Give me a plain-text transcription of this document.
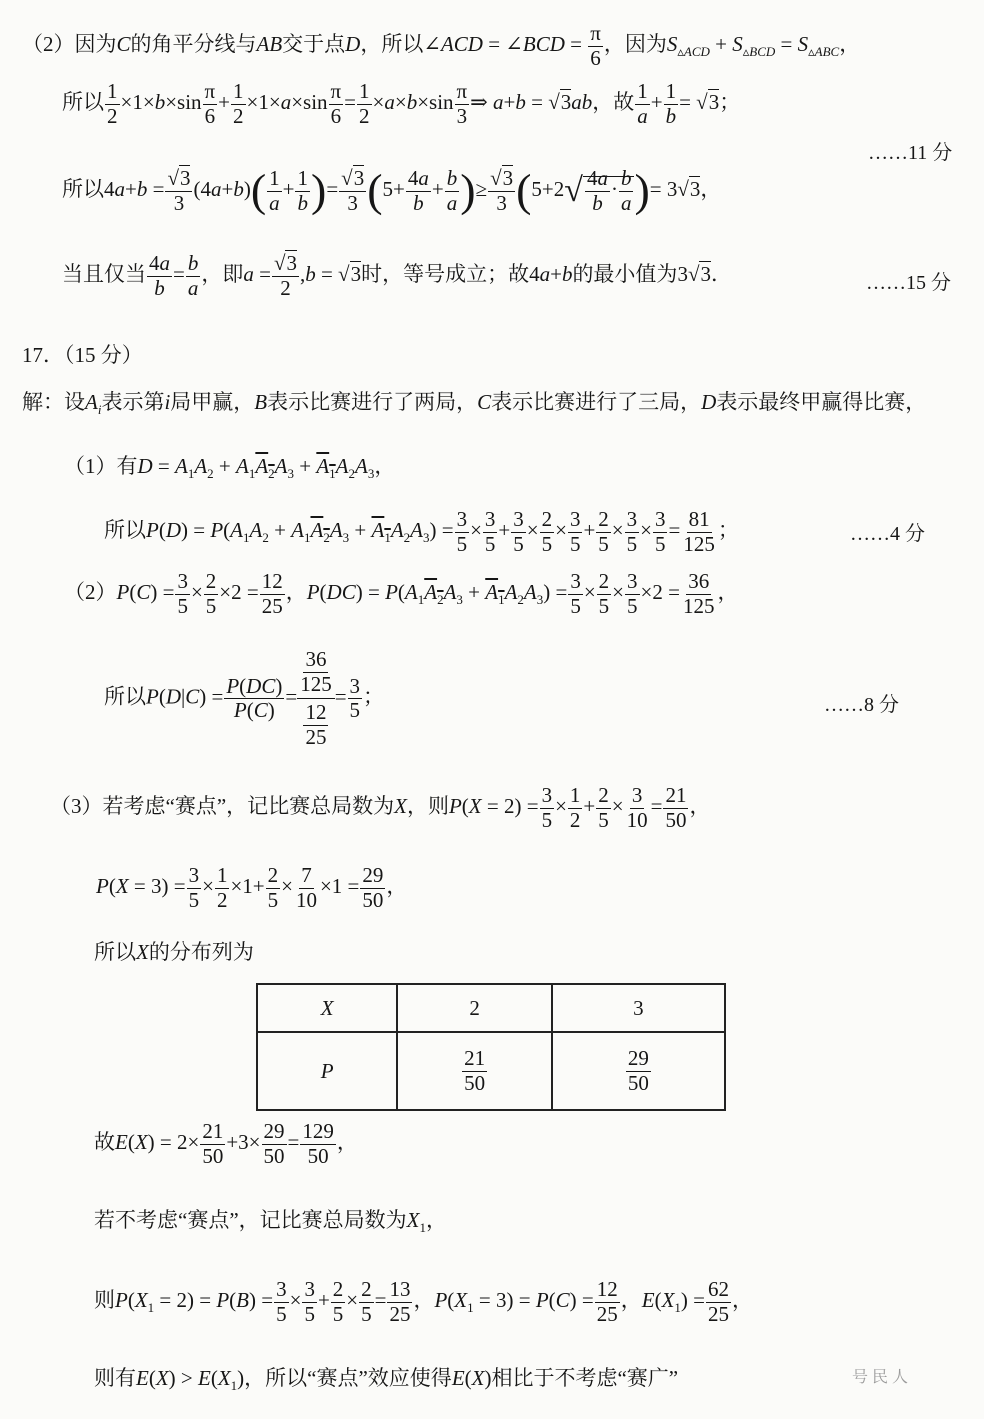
（2）因为C的角平分线与AB交于点D，所以∠ACD = ∠BCD = $\frac{\pi}{6}$ ，因为$S_{▵ACD} + S_{▵BCD} = S_{▵ABC}$，
所以 $\frac{1}{2} \times 1\times b\times\sin \frac{\pi}{6} + \frac{1}{2} \times 1\times a\times\sin \frac{\pi}{6} = \frac{1}{2} \times a\times b\times\sin \frac{\pi}{3}$ ⇒ a+b = √3ab，故 $\frac{1}{a} + \frac{1}{b} = √3$；
……11 分
所以$4a+b = \frac{√3}{3} (4a+b)( \frac{1}{a} + \frac{1}{b}$ )= $\frac{√3}{3} (5+ \frac{4a}{b} + \frac{b}{a}$ )≥ $\frac{√3}{3} (5+2√ \frac{4a}{b} \cdot \frac{b}{a}$ )= 3√3，
当且仅当 $\frac{4a}{b} = \frac{b}{a}$ ，即$a = \frac{√3}{2} ,b = √3$时，等号成立；故4a+b的最小值为3√3．	……15 分
17．（15 分）
解：设$A_i$表示第i局甲赢，B表示比赛进行了两局，C表示比赛进行了三局，D表示最终甲赢得比赛，
（1）有$D = A_1A_2 + A_1A_2A_3 + A_1A_2A_3$，
所以$P(D) = P(A_1A_2 + A_1A_2A_3 + A_1A_2A_3) = \frac{3}{5} \times \frac{3}{5} + \frac{3}{5} \times \frac{2}{5} \times \frac{3}{5} + \frac{2}{5} \times \frac{3}{5} \times \frac{3}{5} = \frac{81}{125}$ ；	……4 分
$(2)P(C) = \frac{3}{5} \times \frac{2}{5} \times 2 = \frac{12}{25}$ ，$P(DC) = P(A_1A_2A_3 + A_1A_2A_3) = \frac{3}{5} \times \frac{2}{5} \times \frac{3}{5} \times 2 = \frac{36}{125}$ ，
所以$P(D|C) = \frac{P(DC)}{P(C)} = 36$
125
12
$25 = \frac{3}{5}$ ；	……8 分
（3）若考虑“赛点”，记比赛总局数为X，则$P(X = 2) = \frac{3}{5} \times \frac{1}{2} + \frac{2}{5} \times \frac{3}{10} = \frac{21}{50}$ ，
$P(X = 3) = \frac{3}{5} \times \frac{1}{2} \times 1+ \frac{2}{5} \times \frac{7}{10} \times 1 = \frac{29}{50}$ ，
所以X的分布列为
X	2	3
P	$\frac{21}{50}$	$\frac{29}{50}$
故$E(X) = 2\times \frac{21}{50} +3\times \frac{29}{50} = \frac{129}{50}$ ，
若不考虑“赛点”，记比赛总局数为$X_1$，
则$P(X_1 = 2) = P(B) = \frac{3}{5} \times \frac{3}{5} + \frac{2}{5} \times \frac{2}{5} = \frac{13}{25}$ ，$P(X_1 = 3) = P(C) = \frac{12}{25}$ ，$E(X_1) = \frac{62}{25}$ ，
则有$E(X) > E(X_1)$，所以“赛点”效应使得E(X)相比于不考虑“赛广”	号 民 人
